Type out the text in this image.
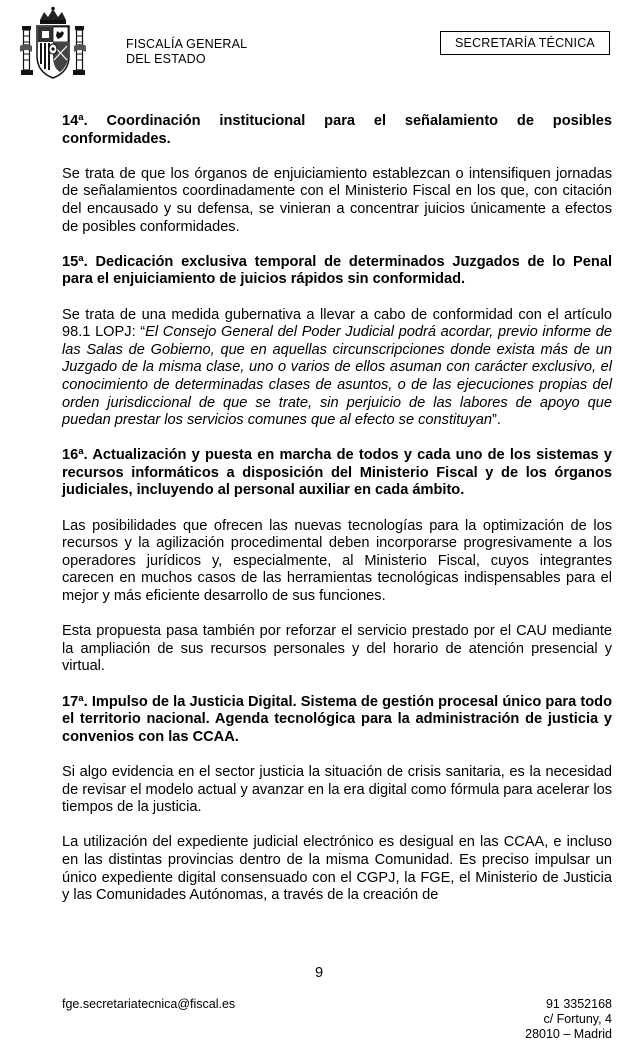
FISCALÍA GENERAL
DEL ESTADO
SECRETARÍA TÉCNICA
14ª. Coordinación institucional para el señalamiento de posibles conformidades.

Se trata de que los órganos de enjuiciamiento establezcan o intensifiquen jornadas de señalamientos coordinadamente con el Ministerio Fiscal en los que, con citación del encausado y su defensa, se vinieran a concentrar juicios únicamente a efectos de posibles conformidades.

15ª. Dedicación exclusiva temporal de determinados Juzgados de lo Penal para el enjuiciamiento de juicios rápidos sin conformidad.

Se trata de una medida gubernativa a llevar a cabo de conformidad con el artículo 98.1 LOPJ: “El Consejo General del Poder Judicial podrá acordar, previo informe de las Salas de Gobierno, que en aquellas circunscripciones donde exista más de un Juzgado de la misma clase, uno o varios de ellos asuman con carácter exclusivo, el conocimiento de determinadas clases de asuntos, o de las ejecuciones propias del orden jurisdiccional de que se trate, sin perjuicio de las labores de apoyo que puedan prestar los servicios comunes que al efecto se constituyan”.

16ª. Actualización y puesta en marcha de todos y cada uno de los sistemas y recursos informáticos a disposición del Ministerio Fiscal y de los órganos judiciales, incluyendo al personal auxiliar en cada ámbito.

Las posibilidades que ofrecen las nuevas tecnologías para la optimización de los recursos y la agilización procedimental deben incorporarse progresivamente a los operadores jurídicos y, especialmente, al Ministerio Fiscal, cuyos integrantes carecen en muchos casos de las herramientas tecnológicas indispensables para el mejor y más eficiente desarrollo de sus funciones.

Esta propuesta pasa también por reforzar el servicio prestado por el CAU mediante la ampliación de sus recursos personales y del horario de atención presencial y virtual.

17ª. Impulso de la Justicia Digital. Sistema de gestión procesal único para todo el territorio nacional. Agenda tecnológica para la administración de justicia y convenios con las CCAA.

Si algo evidencia en el sector justicia la situación de crisis sanitaria, es la necesidad de revisar el modelo actual y avanzar en la era digital como fórmula para acelerar los tiempos de la justicia.

La utilización del expediente judicial electrónico es desigual en las CCAA, e incluso en las distintas provincias dentro de la misma Comunidad. Es preciso impulsar un único expediente digital consensuado con el CGPJ, la FGE, el Ministerio de Justicia y las Comunidades Autónomas, a través de la creación de

9
fge.secretariatecnica@fiscal.es	91 3352168
c/ Fortuny, 4
28010 – Madrid
